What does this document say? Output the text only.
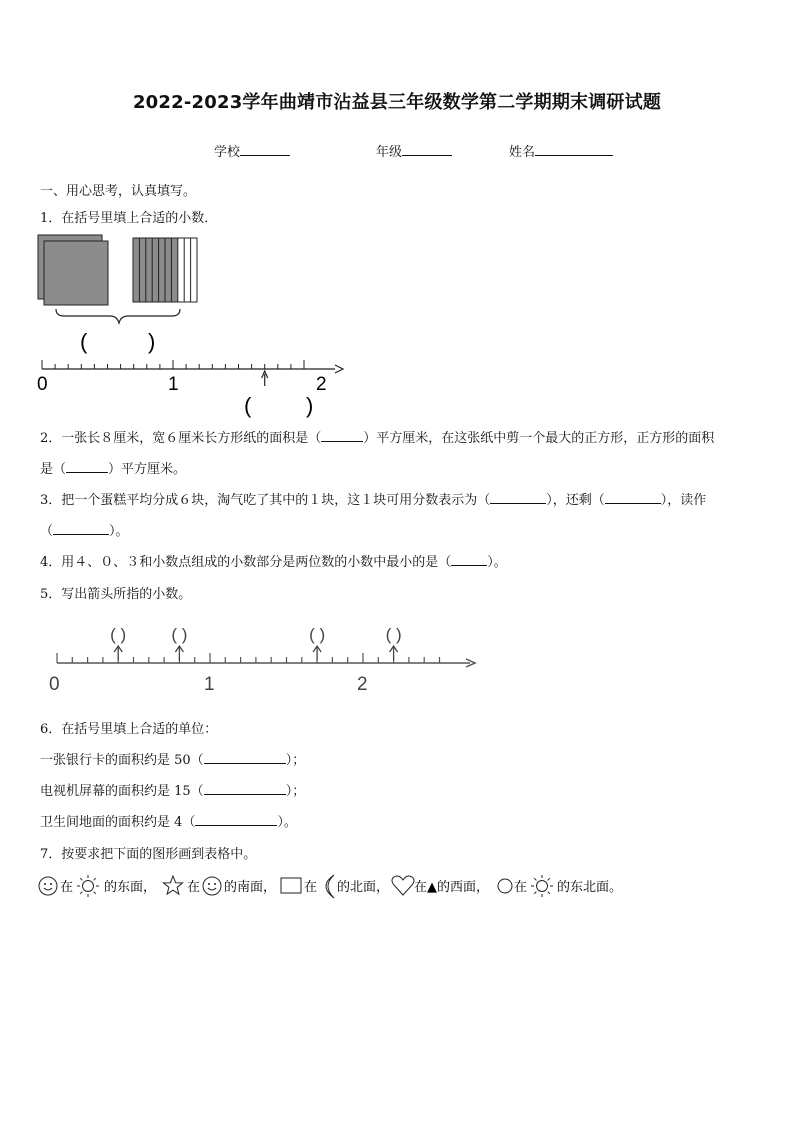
2022-2023学年曲靖市沾益县三年级数学第二学期期末调研试题
学校	年级	姓名
一、用心思考，认真填写。
1．在括号里填上合适的小数．
(	)
0	1	2
( )
2．一张长８厘米，宽６厘米长方形纸的面积是（	）平方厘米，在这张纸中剪一个最大的正方形，正方形的面积
是（	）平方厘米。
3．把一个蛋糕平均分成６块，淘气吃了其中的１块，这１块可用分数表示为（	），还剩（	），读作
（	）。
4．用４、０、３和小数点组成的小数部分是两位数的小数中最小的是（	）。
5．写出箭头所指的小数。
( )	( )	( )	( )
0	1	2
6．在括号里填上合适的单位：
一张银行卡的面积约是 50（	）；
电视机屏幕的面积约是 15（	）；
卫生间地面的面积约是 4（	）。
7．按要求把下面的图形画到表格中。
在 的东面， 在 的南面， 在 的北面， 在 ▲的西面， 在 的东北面。
